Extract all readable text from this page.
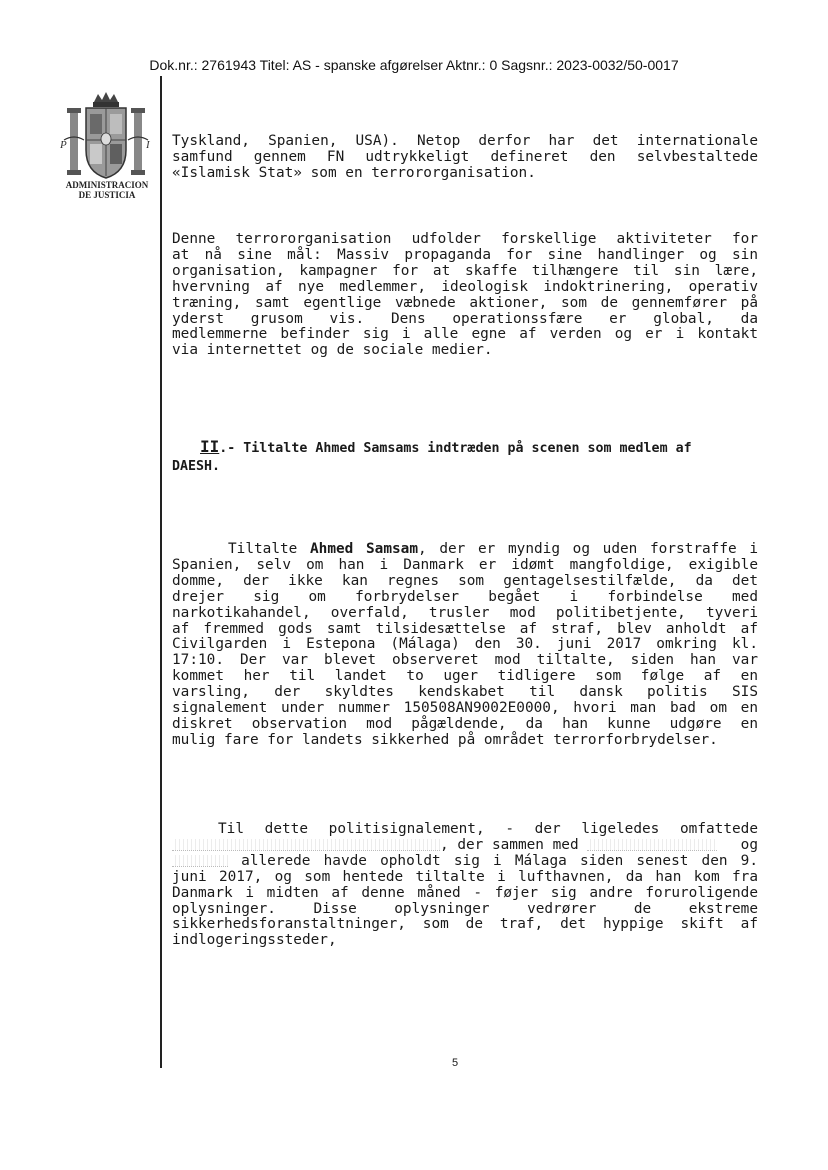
Dok.nr.: 2761943 Titel: AS - spanske afgørelser Aktnr.: 0 Sagsnr.: 2023-0032/50-0017
P	I
ADMINISTRACION
DE JUSTICIA
Tyskland, Spanien, USA). Netop derfor har det internationale
samfund gennem FN udtrykkeligt defineret den selvbestaltede
«Islamisk Stat» som en terrororganisation.
Denne terrororganisation udfolder forskellige aktiviteter for
at nå sine mål: Massiv propaganda for sine handlinger og sin
organisation, kampagner for at skaffe tilhængere til sin lære,
hvervning af nye medlemmer, ideologisk indoktrinering, operativ
træning, samt egentlige væbnede aktioner, som de gennemfører på
yderst grusom vis. Dens operationssfære er global, da
medlemmerne befinder sig i alle egne af verden og er i kontakt
via internettet og de sociale medier.
II.- Tiltalte Ahmed Samsams indtræden på scenen som medlem af
DAESH.
Tiltalte Ahmed Samsam, der er myndig og uden forstraffe i
Spanien, selv om han i Danmark er idømt mangfoldige, exigible
domme, der ikke kan regnes som gentagelsestilfælde, da det
drejer sig om forbrydelser begået i forbindelse med
narkotikahandel, overfald, trusler mod politibetjente, tyveri
af fremmed gods samt tilsidesættelse af straf, blev anholdt af
Civilgarden i Estepona (Málaga) den 30. juni 2017 omkring kl.
17:10. Der var blevet observeret mod tiltalte, siden han var
kommet her til landet to uger tidligere som følge af en
varsling, der skyldtes kendskabet til dansk politis SIS
signalement under nummer 150508AN9002E0000, hvori man bad om en
diskret observation mod pågældende, da han kunne udgøre en
mulig fare for landets sikkerhed på området terrorforbrydelser.
Til dette politisignalement, - der ligeledes omfattede
, der sammen med	og
allerede havde opholdt sig i Málaga siden senest den 9.
juni 2017, og som hentede tiltalte i lufthavnen, da han kom fra
Danmark i midten af denne måned - føjer sig andre foruroligende
oplysninger. Disse oplysninger vedrører de ekstreme
sikkerhedsforanstaltninger, som de traf, det hyppige skift af
indlogeringssteder,
5
